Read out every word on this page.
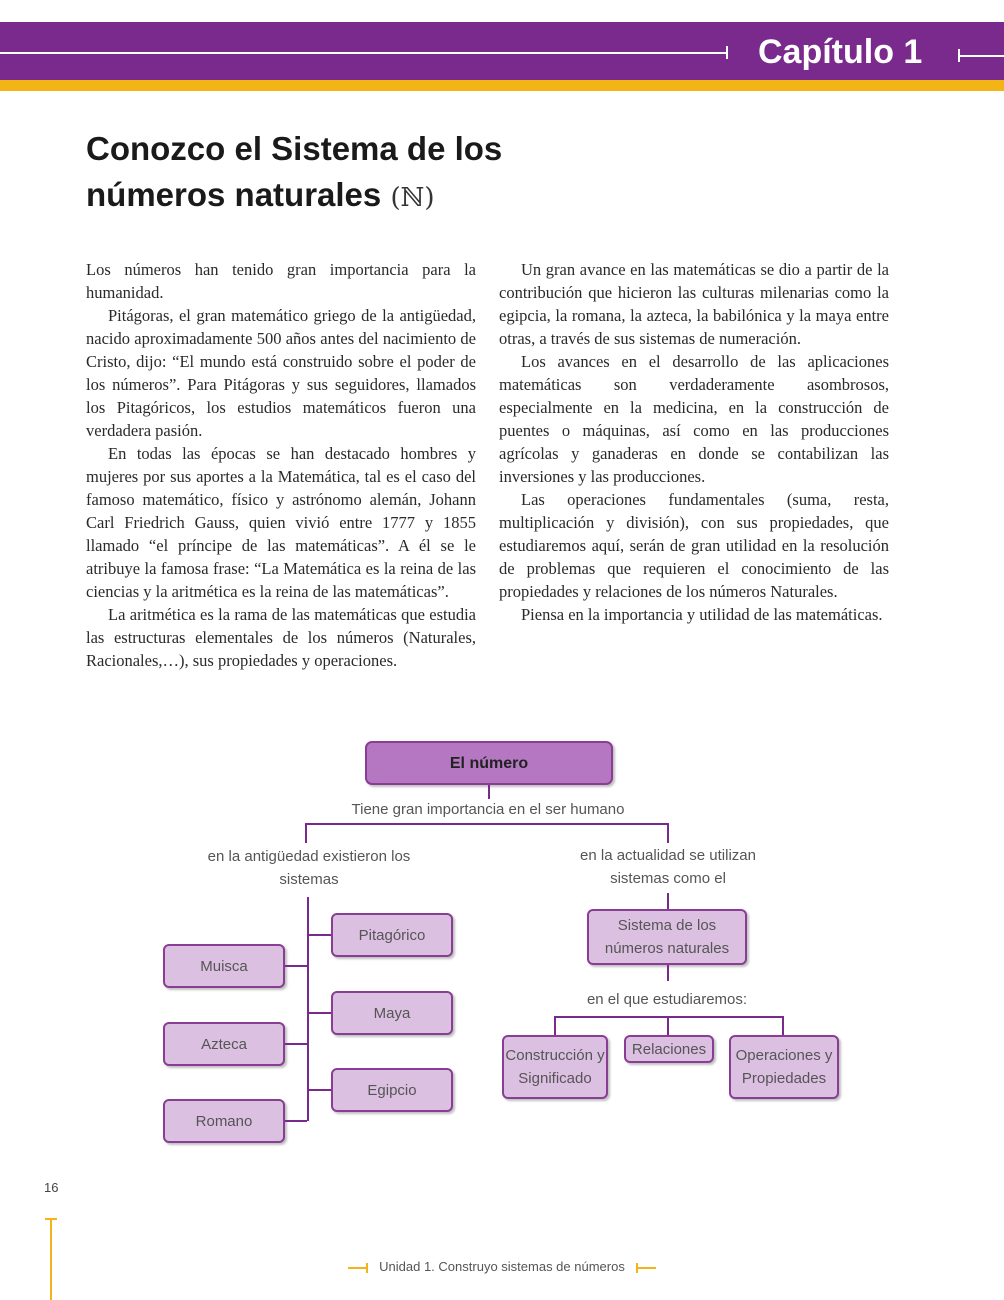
Capítulo 1
Conozco el Sistema de los
números naturales (ℕ)

Los números han tenido gran importancia para la humanidad.

Pitágoras, el gran matemático griego de la antigüedad, nacido aproximadamente 500 años antes del nacimiento de Cristo, dijo: “El mundo está construido sobre el poder de los números”. Para Pitágoras y sus seguidores, llamados los Pitagóricos, los estudios matemáticos fueron una verdadera pasión.

En todas las épocas se han destacado hombres y mujeres por sus aportes a la Matemática, tal es el caso del famoso matemático, físico y astrónomo alemán, Johann Carl Friedrich Gauss, quien vivió entre 1777 y 1855 llamado “el príncipe de las matemáticas”. A él se le atribuye la famosa frase: “La Matemática es la reina de las ciencias y la aritmética es la reina de las matemáticas”.

La aritmética es la rama de las matemáticas que estudia las estructuras elementales de los números (Naturales, Racionales,…), sus propiedades y operaciones.

Un gran avance en las matemáticas se dio a partir de la contribución que hicieron las culturas milenarias como la egipcia, la romana, la azteca, la babilónica y la maya entre otras, a través de sus sistemas de numeración.

Los avances en el desarrollo de las aplicaciones matemáticas son verdaderamente asombrosos, especialmente en la medicina, en la construcción de puentes o máquinas, así como en las producciones agrícolas y ganaderas en donde se contabilizan las inversiones y las producciones.

Las operaciones fundamentales (suma, resta, multiplicación y división), con sus propiedades, que estudiaremos aquí, serán de gran utilidad en la resolución de problemas que requieren el conocimiento de las propiedades y relaciones de los números Naturales.

Piensa en la importancia y utilidad de las matemáticas.

El número
Tiene gran importancia en el ser humano
en la antigüedad existieron los
sistemas
Muisca
Azteca
Romano
Pitagórico
Maya
Egipcio
en la actualidad se utilizan
sistemas como el
Sistema de los
números naturales
en el que estudiaremos:
Construcción y
Significado
Relaciones Operaciones y
Propiedades
16
Unidad 1. Construyo sistemas de números
